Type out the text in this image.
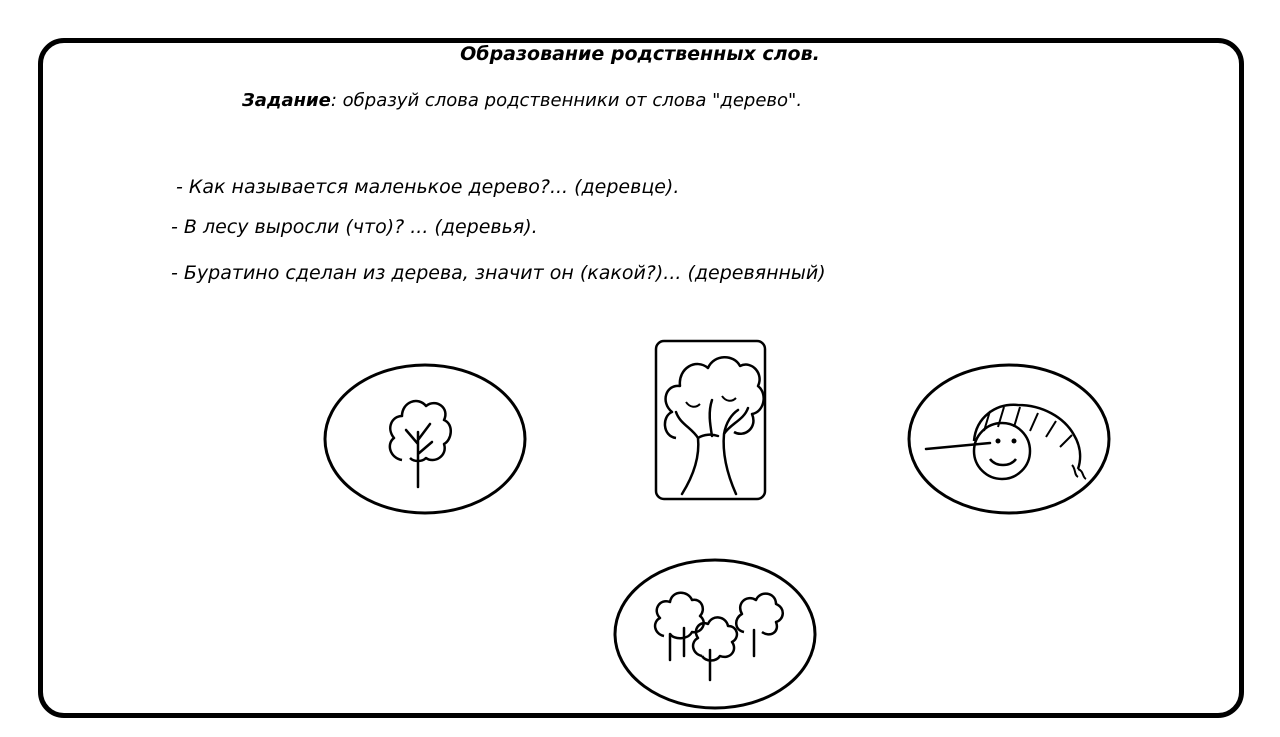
Образование родственных слов.
Задание: образуй слова родственники от слова "дерево".
- Как называется маленькое дерево?... (деревце).
- В лесу выросли (что)? ... (деревья).
- Буратино сделан из дерева, значит он (какой?)... (деревянный)
